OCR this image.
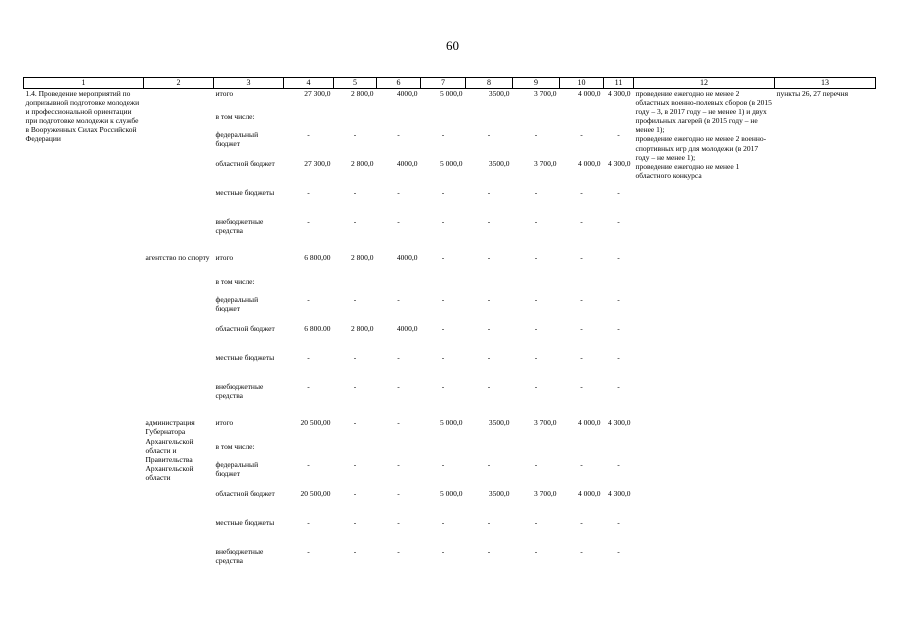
60
1	2	3	4	5	6	7	8	9	10	11	12	13
1.4. Проведение мероприятий по допризывной подготовке молодежи и профессиональной ориентации при подготовке молодежи к службе в Вооруженных Силах Российской Федерации		итого	27 300,0	2 800,0	4000,0	5 000,0	3500,0	3 700,0	4 000,0	4 300,0	проведение ежегодно не менее 2 областных военно-полевых сборов (в 2015 году – 3, в 2017 году – не менее 1) и двух профильных лагерей (в 2015 году – не менее 1);
проведение ежегодно не менее 2 военно-спортивных игр для молодежи (в 2017 году – не менее 1);
проведение ежегодно не менее 1 областного конкурса	пункты 26, 27 перечня
		в том числе:										
		федеральный бюджет	-	-	-	-	-	-	-	-		
		областной бюджет	27 300,0	2 800,0	4000,0	5 000,0	3500,0	3 700,0	4 000,0	4 300,0		
		местные бюджеты	-	-	-	-	-	-	-	-		
		внебюджетные средства	-	-	-	-	-	-	-	-		

	агентство по спорту	итого	6 800,00	2 800,0	4000,0	-	-	-	-	-		
		в том числе:										
		федеральный бюджет	-	-	-	-	-	-	-	-		
		областной бюджет	6 800.00	2 800,0	4000,0	-	-	-	-	-		
		местные бюджеты	-	-	-	-	-	-	-	-		
		внебюджетные средства	-	-	-	-	-	-	-	-		

	администрация Губернатора Архангельской области и Правительства Архангельской области	итого	20 500,00	-	-	5 000,0	3500,0	3 700,0	4 000,0	4 300,0		
		в том числе:										
		федеральный бюджет	-	-	-	-	-	-	-	-		
		областной бюджет	20 500,00	-	-	5 000,0	3500,0	3 700,0	4 000,0	4 300,0		
		местные бюджеты	-	-	-	-	-	-	-	-		
		внебюджетные средства	-	-	-	-	-	-	-	-		
